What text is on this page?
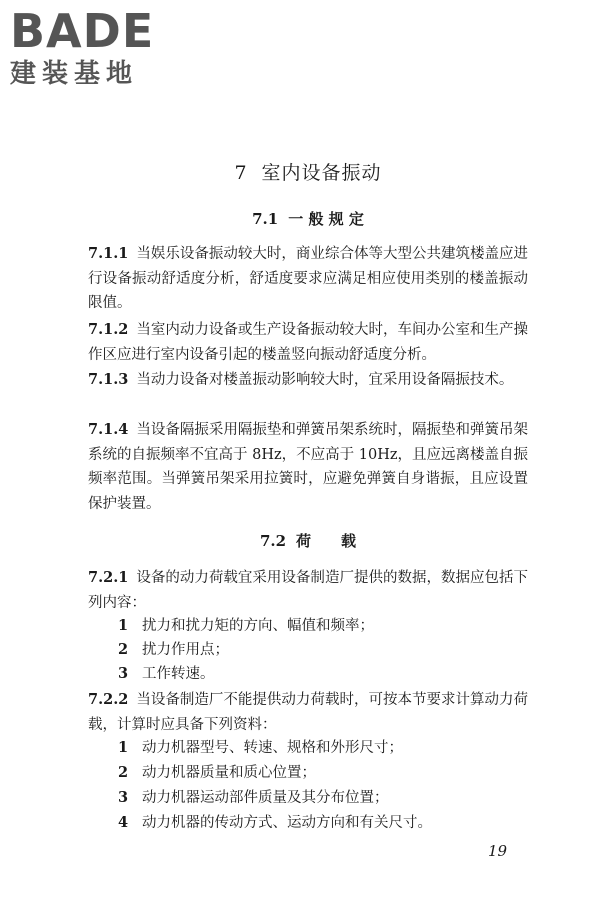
BADE
建装基地
7 室内设备振动
7.1 一 般 规 定
7.1.1 当娱乐设备振动较大时，商业综合体等大型公共建筑楼盖应进行设备振动舒适度分析，舒适度要求应满足相应使用类别的楼盖振动限值。
7.1.2 当室内动力设备或生产设备振动较大时，车间办公室和生产操作区应进行室内设备引起的楼盖竖向振动舒适度分析。
7.1.3 当动力设备对楼盖振动影响较大时，宜采用设备隔振技术。
7.1.4 当设备隔振采用隔振垫和弹簧吊架系统时，隔振垫和弹簧吊架系统的自振频率不宜高于 8Hz，不应高于 10Hz，且应远离楼盖自振频率范围。当弹簧吊架采用拉簧时，应避免弹簧自身谐振，且应设置保护装置。
7.2 荷　　载
7.2.1 设备的动力荷载宜采用设备制造厂提供的数据，数据应包括下列内容：
1 扰力和扰力矩的方向、幅值和频率；
2 扰力作用点；
3 工作转速。
7.2.2 当设备制造厂不能提供动力荷载时，可按本节要求计算动力荷载，计算时应具备下列资料：
1 动力机器型号、转速、规格和外形尺寸；
2 动力机器质量和质心位置；
3 动力机器运动部件质量及其分布位置；
4 动力机器的传动方式、运动方向和有关尺寸。
19
